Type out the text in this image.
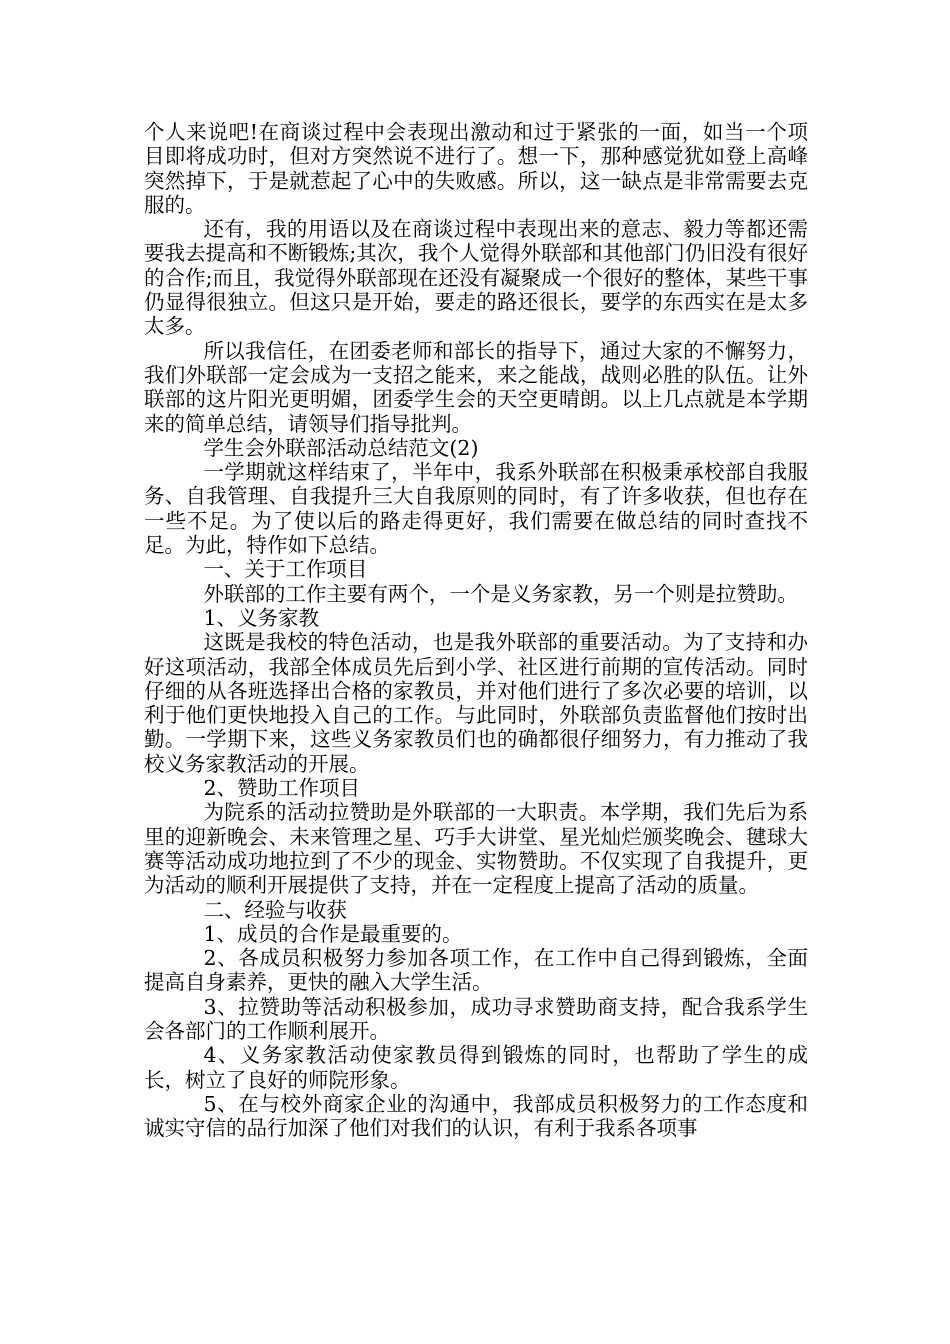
个人来说吧!在商谈过程中会表现出激动和过于紧张的一面，如当一个项目即将成功时，但对方突然说不进行了。想一下，那种感觉犹如登上高峰突然掉下，于是就惹起了心中的失败感。所以，这一缺点是非常需要去克服的。

还有，我的用语以及在商谈过程中表现出来的意志、毅力等都还需要我去提高和不断锻炼;其次，我个人觉得外联部和其他部门仍旧没有很好的合作;而且，我觉得外联部现在还没有凝聚成一个很好的整体，某些干事仍显得很独立。但这只是开始，要走的路还很长，要学的东西实在是太多太多。

所以我信任，在团委老师和部长的指导下，通过大家的不懈努力，我们外联部一定会成为一支招之能来，来之能战，战则必胜的队伍。让外联部的这片阳光更明媚，团委学生会的天空更晴朗。以上几点就是本学期来的简单总结，请领导们指导批判。

学生会外联部活动总结范文(2)

一学期就这样结束了，半年中，我系外联部在积极秉承校部自我服务、自我管理、自我提升三大自我原则的同时，有了许多收获，但也存在一些不足。为了使以后的路走得更好，我们需要在做总结的同时查找不足。为此，特作如下总结。

一、关于工作项目

外联部的工作主要有两个，一个是义务家教，另一个则是拉赞助。

1、义务家教

这既是我校的特色活动，也是我外联部的重要活动。为了支持和办好这项活动，我部全体成员先后到小学、社区进行前期的宣传活动。同时仔细的从各班选择出合格的家教员，并对他们进行了多次必要的培训，以利于他们更快地投入自己的工作。与此同时，外联部负责监督他们按时出勤。一学期下来，这些义务家教员们也的确都很仔细努力，有力推动了我校义务家教活动的开展。

2、赞助工作项目

为院系的活动拉赞助是外联部的一大职责。本学期，我们先后为系里的迎新晚会、未来管理之星、巧手大讲堂、星光灿烂颁奖晚会、毽球大赛等活动成功地拉到了不少的现金、实物赞助。不仅实现了自我提升，更为活动的顺利开展提供了支持，并在一定程度上提高了活动的质量。

二、经验与收获

1、成员的合作是最重要的。

2、各成员积极努力参加各项工作，在工作中自己得到锻炼，全面提高自身素养，更快的融入大学生活。

3、拉赞助等活动积极参加，成功寻求赞助商支持，配合我系学生会各部门的工作顺利展开。

4、义务家教活动使家教员得到锻炼的同时，也帮助了学生的成长，树立了良好的师院形象。

5、在与校外商家企业的沟通中，我部成员积极努力的工作态度和诚实守信的品行加深了他们对我们的认识，有利于我系各项事
